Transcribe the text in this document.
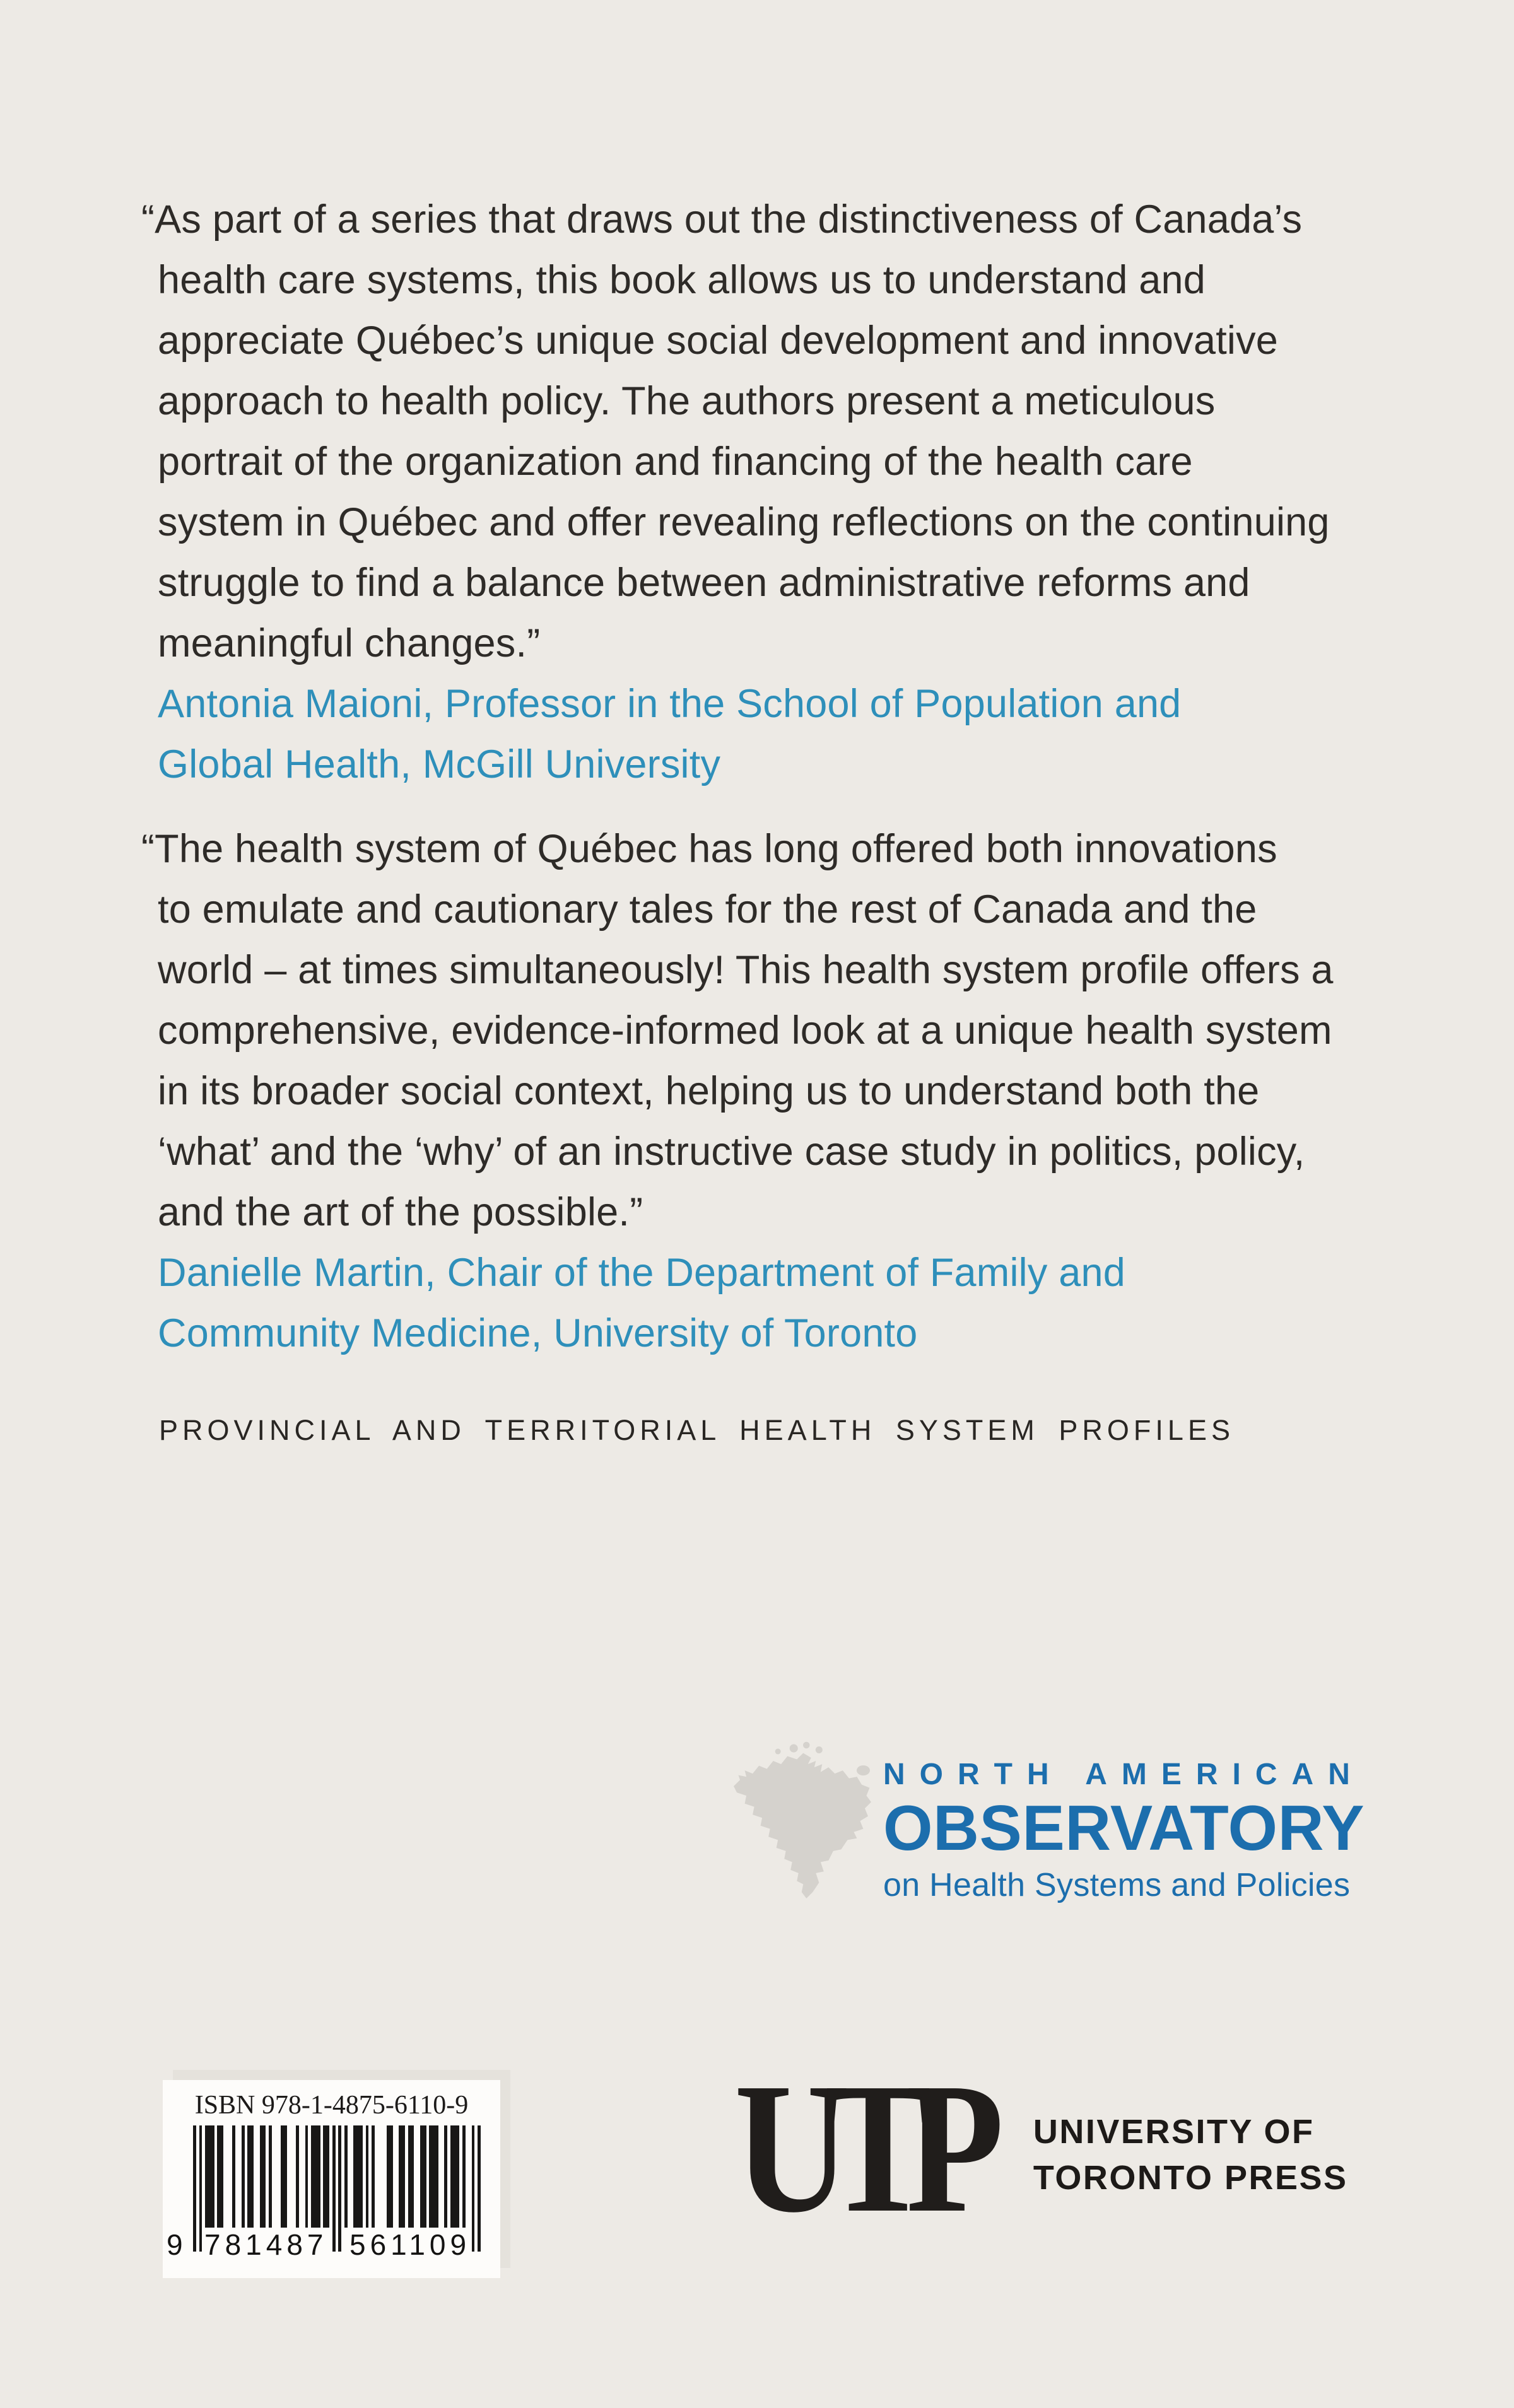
“As part of a series that draws out the distinctiveness of Canada’s
health care systems, this book allows us to understand and
appreciate Québec’s unique social development and innovative
approach to health policy. The authors present a meticulous
portrait of the organization and financing of the health care
system in Québec and offer revealing reflections on the continuing
struggle to find a balance between administrative reforms and
meaningful changes.”
Antonia Maioni, Professor in the School of Population and
Global Health, McGill University
“The health system of Québec has long offered both innovations
to emulate and cautionary tales for the rest of Canada and the
world – at times simultaneously! This health system profile offers a
comprehensive, evidence-informed look at a unique health system
in its broader social context, helping us to understand both the
‘what’ and the ‘why’ of an instructive case study in politics, policy,
and the art of the possible.”
Danielle Martin, Chair of the Department of Family and
Community Medicine, University of Toronto
PROVINCIAL AND TERRITORIAL HEALTH SYSTEM PROFILES
NORTH AMERICAN
OBSERVATORY
on Health Systems and Policies
ISBN 978-1-4875-6110-9
9 781487 561109 UTP UNIVERSITY OF
TORONTO PRESS
